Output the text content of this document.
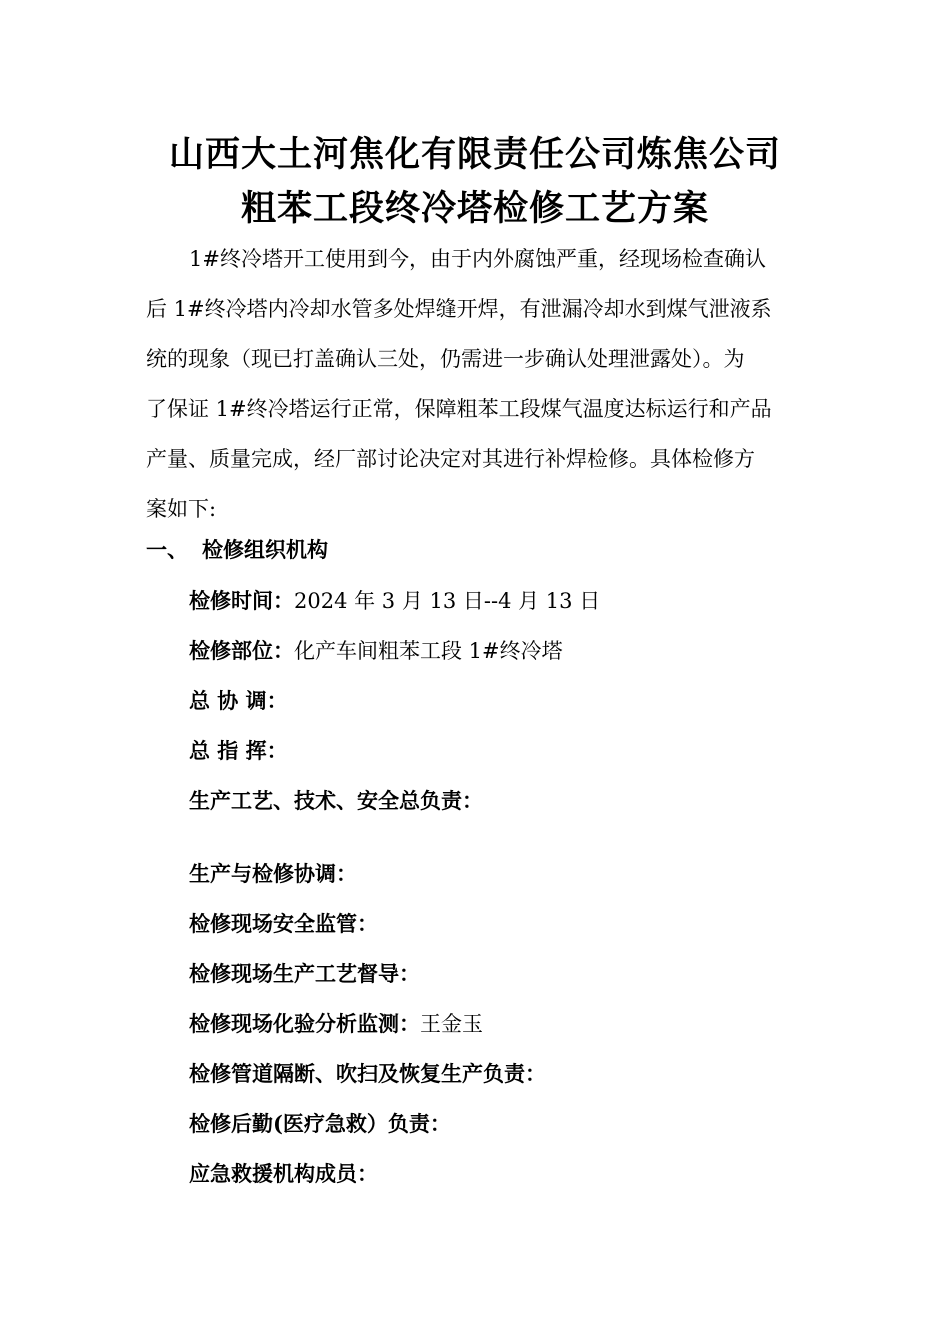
山西大土河焦化有限责任公司炼焦公司
粗苯工段终冷塔检修工艺方案
1#终冷塔开工使用到今，由于内外腐蚀严重，经现场检查确认
后 1#终冷塔内冷却水管多处焊缝开焊，有泄漏冷却水到煤气泄液系
统的现象（现已打盖确认三处，仍需进一步确认处理泄露处）。为
了保证 1#终冷塔运行正常，保障粗苯工段煤气温度达标运行和产品
产量、质量完成，经厂部讨论决定对其进行补焊检修。具体检修方
案如下:
一、 检修组织机构
检修时间：2024 年 3 月 13 日--4 月 13 日
检修部位：化产车间粗苯工段 1#终冷塔
总 协 调：
总 指 挥：
生产工艺、技术、安全总负责：
生产与检修协调：
检修现场安全监管：
检修现场生产工艺督导：
检修现场化验分析监测：王金玉
检修管道隔断、吹扫及恢复生产负责：
检修后勤(医疗急救）负责：
应急救援机构成员：
